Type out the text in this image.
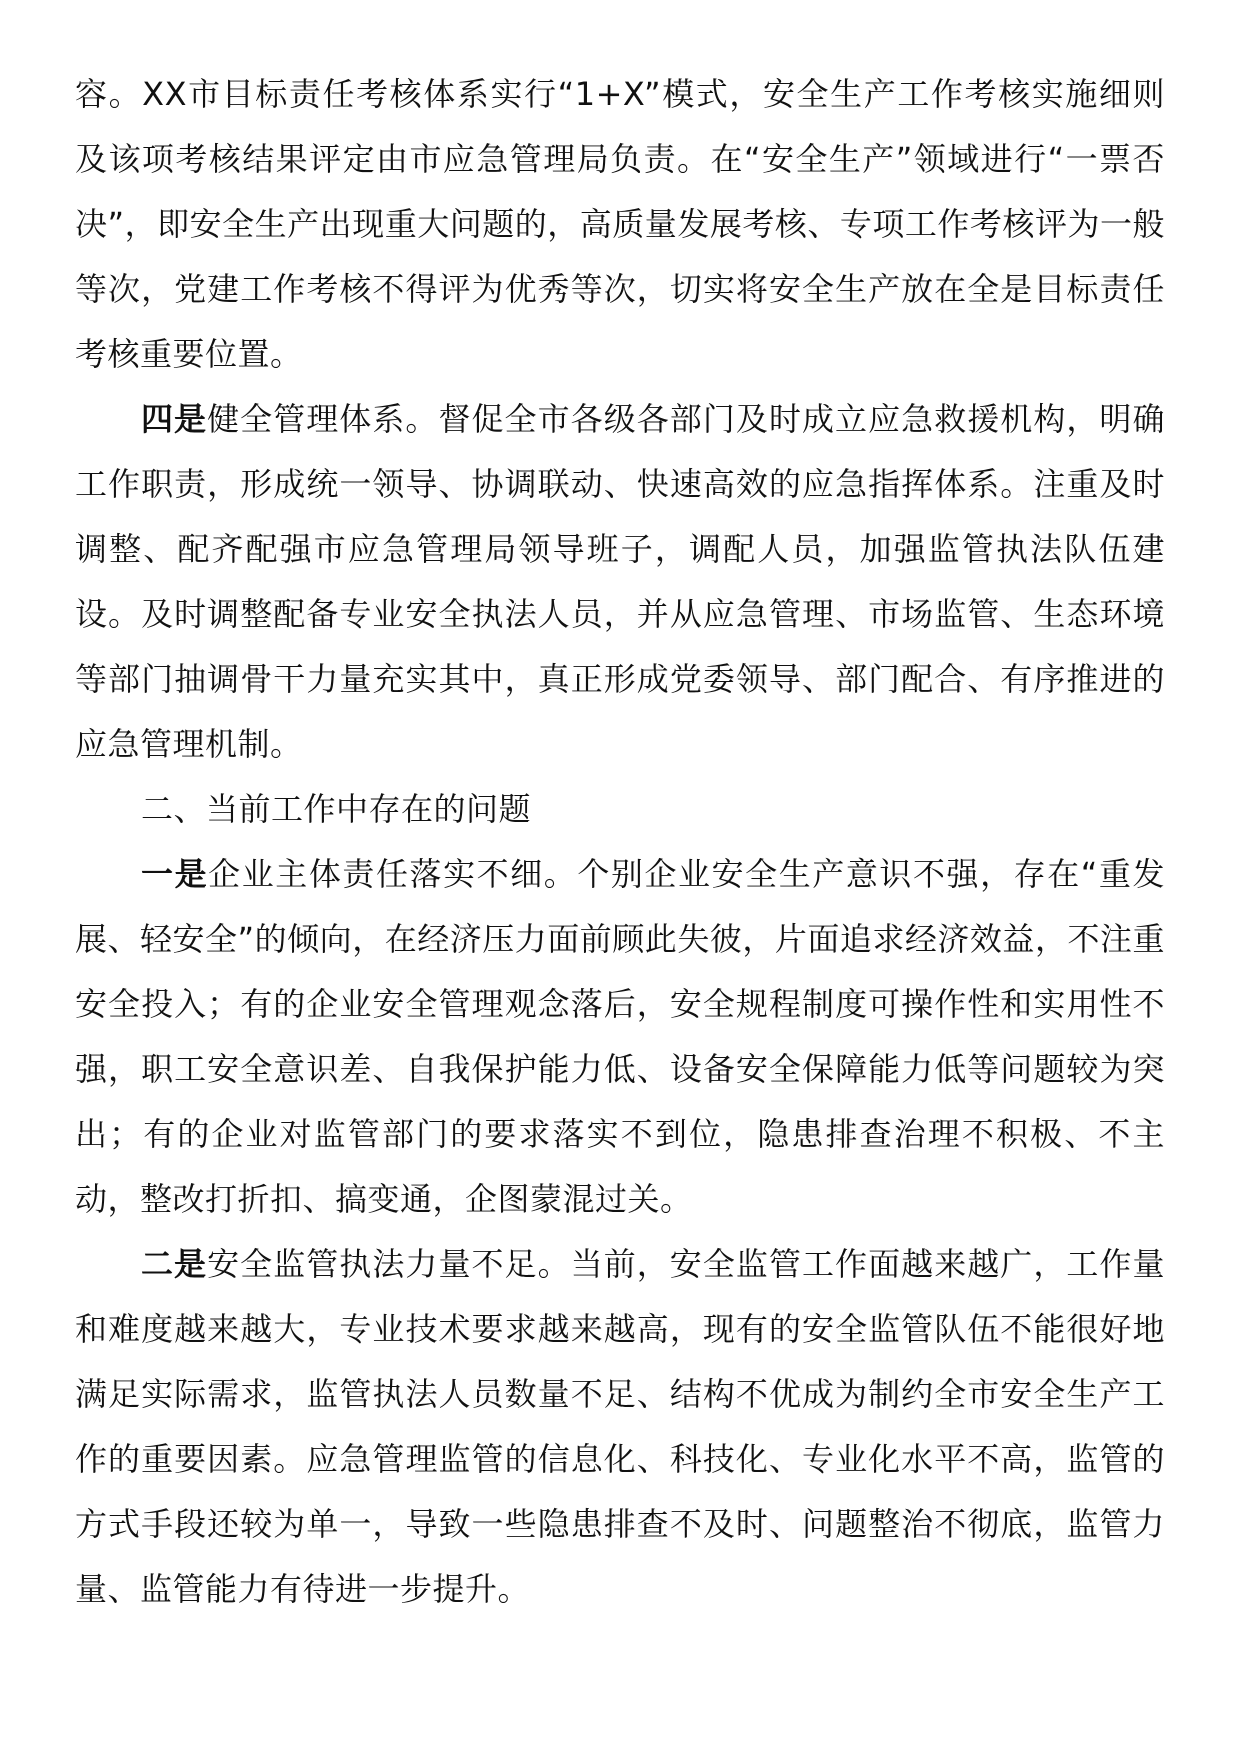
容。XX市目标责任考核体系实行“1+X”模式，安全生产工作考核实施细则及该项考核结果评定由市应急管理局负责。在“安全生产”领域进行“一票否决”，即安全生产出现重大问题的，高质量发展考核、专项工作考核评为一般等次，党建工作考核不得评为优秀等次，切实将安全生产放在全是目标责任考核重要位置。

四是健全管理体系。督促全市各级各部门及时成立应急救援机构，明确工作职责，形成统一领导、协调联动、快速高效的应急指挥体系。注重及时调整、配齐配强市应急管理局领导班子，调配人员，加强监管执法队伍建设。及时调整配备专业安全执法人员，并从应急管理、市场监管、生态环境等部门抽调骨干力量充实其中，真正形成党委领导、部门配合、有序推进的应急管理机制。

二、当前工作中存在的问题

一是企业主体责任落实不细。个别企业安全生产意识不强，存在“重发展、轻安全”的倾向，在经济压力面前顾此失彼，片面追求经济效益，不注重安全投入；有的企业安全管理观念落后，安全规程制度可操作性和实用性不强，职工安全意识差、自我保护能力低、设备安全保障能力低等问题较为突出；有的企业对监管部门的要求落实不到位，隐患排查治理不积极、不主动，整改打折扣、搞变通，企图蒙混过关。

二是安全监管执法力量不足。当前，安全监管工作面越来越广，工作量和难度越来越大，专业技术要求越来越高，现有的安全监管队伍不能很好地满足实际需求，监管执法人员数量不足、结构不优成为制约全市安全生产工作的重要因素。应急管理监管的信息化、科技化、专业化水平不高，监管的方式手段还较为单一，导致一些隐患排查不及时、问题整治不彻底，监管力量、监管能力有待进一步提升。
